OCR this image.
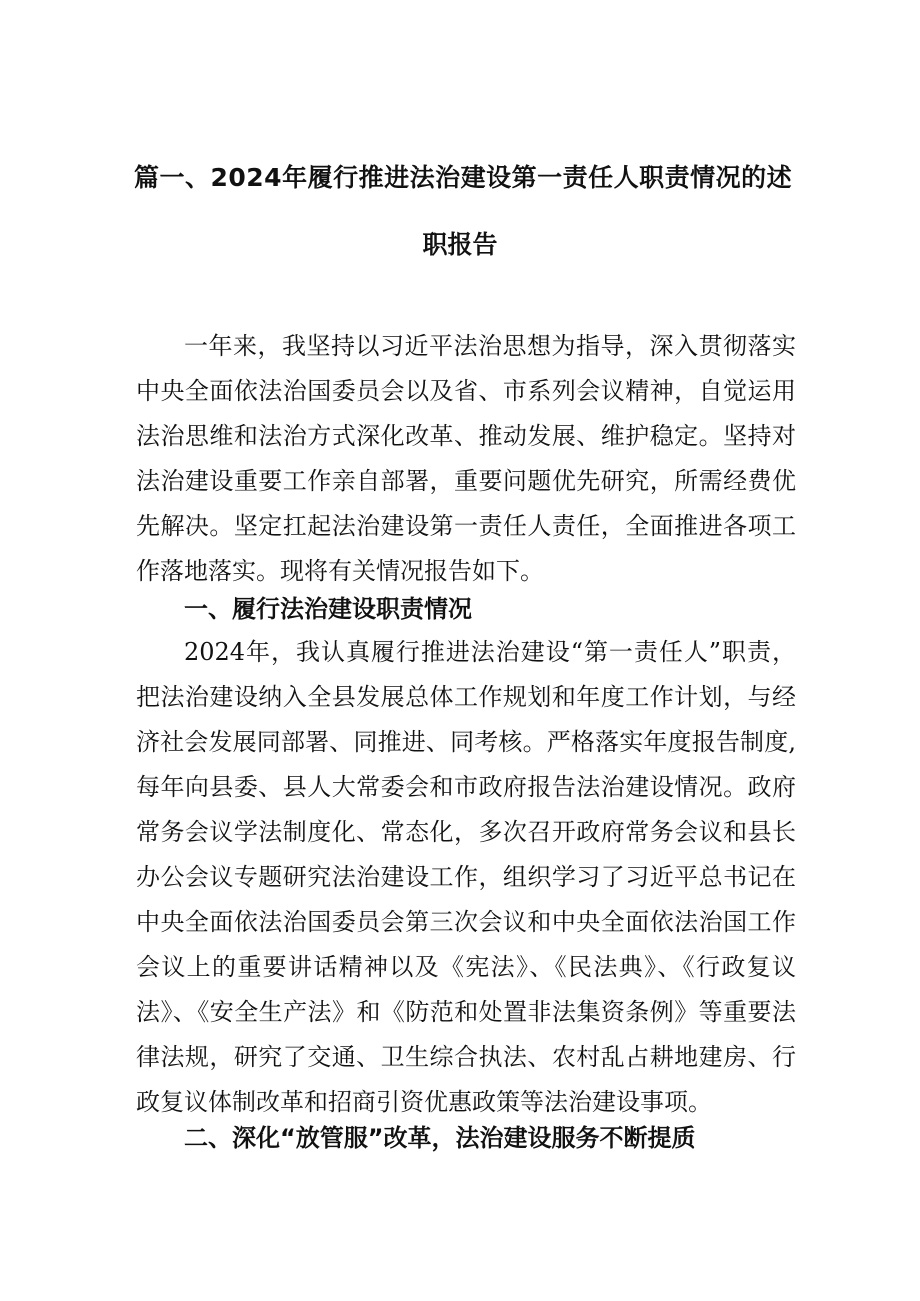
篇一、2024年履行推进法治建设第一责任人职责情况的述
职报告

一年来，我坚持以习近平法治思想为指导，深入贯彻落实中央全面依法治国委员会以及省、市系列会议精神，自觉运用法治思维和法治方式深化改革、推动发展、维护稳定。坚持对法治建设重要工作亲自部署，重要问题优先研究，所需经费优先解决。坚定扛起法治建设第一责任人责任，全面推进各项工作落地落实。现将有关情况报告如下。

一、履行法治建设职责情况

2024年，我认真履行推进法治建设“第一责任人”职责，把法治建设纳入全县发展总体工作规划和年度工作计划，与经济社会发展同部署、同推进、同考核。严格落实年度报告制度,每年向县委、县人大常委会和市政府报告法治建设情况。政府常务会议学法制度化、常态化，多次召开政府常务会议和县长办公会议专题研究法治建设工作，组织学习了习近平总书记在中央全面依法治国委员会第三次会议和中央全面依法治国工作会议上的重要讲话精神以及《宪法》、《民法典》、《行政复议法》、《安全生产法》和《防范和处置非法集资条例》等重要法律法规，研究了交通、卫生综合执法、农村乱占耕地建房、行政复议体制改革和招商引资优惠政策等法治建设事项。

二、深化“放管服”改革，法治建设服务不断提质
